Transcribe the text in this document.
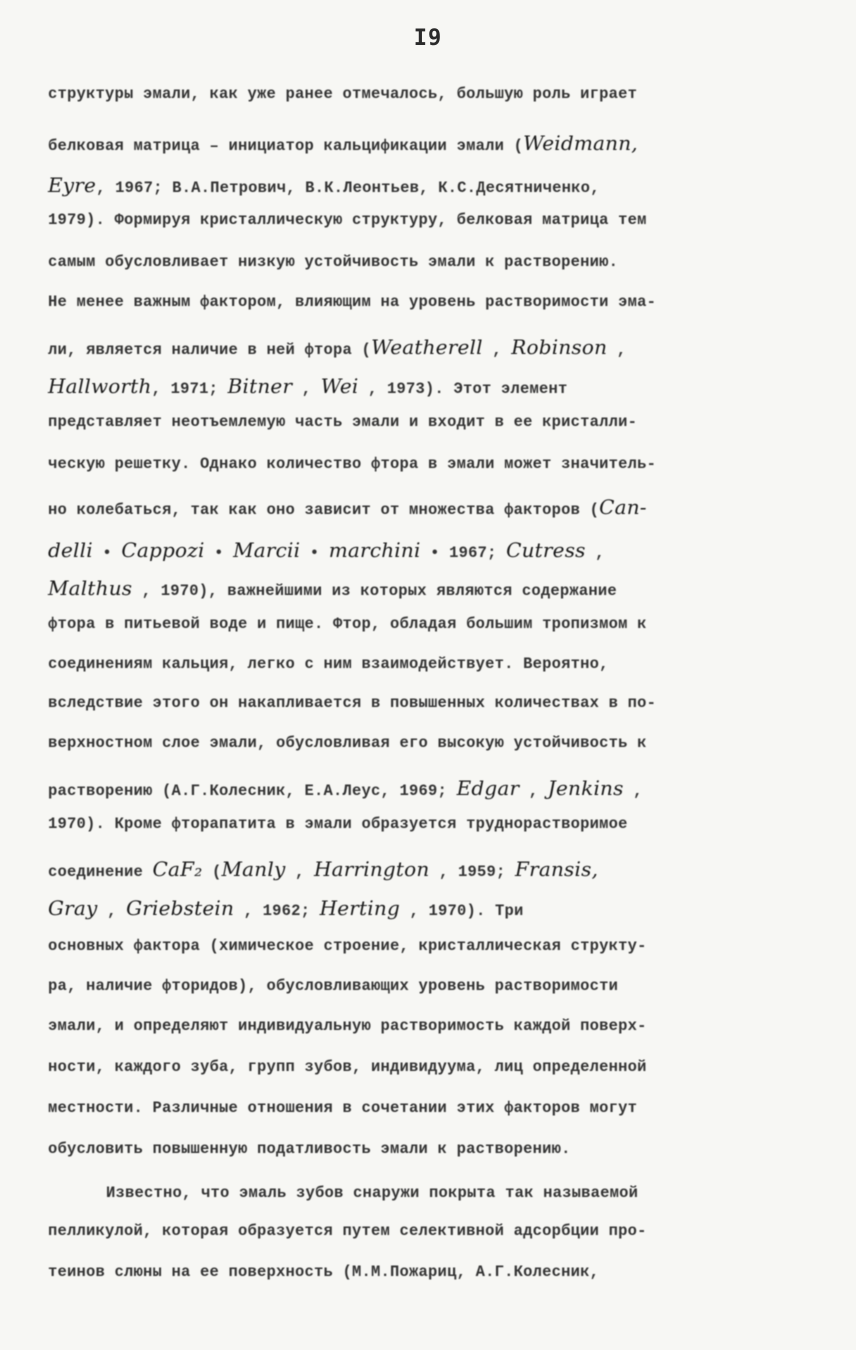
I9
структуры эмали, как уже ранее отмечалось, большую роль играет
белковая матрица – инициатор кальцификации эмали (Weidmann,
Eyre, 1967; В.А.Петрович, В.К.Леонтьев, К.С.Десятниченко,
1979). Формируя кристаллическую структуру, белковая матрица тем
самым обусловливает низкую устойчивость эмали к растворению.
Не менее важным фактором, влияющим на уровень растворимости эма-
ли, является наличие в ней фтора (Weatherell , Robinson ,
Hallworth, 1971; Bitner , Wei , 1973). Этот элемент
представляет неотъемлемую часть эмали и входит в ее кристалли-
ческую решетку. Однако количество фтора в эмали может значитель-
но колебаться, так как оно зависит от множества факторов (Can-
delli • Cappozi • Marcii • marchini • 1967; Cutress ,
Malthus , 1970), важнейшими из которых являются содержание
фтора в питьевой воде и пище. Фтор, обладая большим тропизмом к
соединениям кальция, легко с ним взаимодействует. Вероятно,
вследствие этого он накапливается в повышенных количествах в по-
верхностном слое эмали, обусловливая его высокую устойчивость к
растворению (А.Г.Колесник, Е.А.Леус, 1969; Edgar , Jenkins ,
1970). Кроме фторапатита в эмали образуется труднорастворимое
соединение CaF₂ (Manly , Harrington , 1959; Fransis,
Gray , Griebstein , 1962; Herting , 1970). Три
основных фактора (химическое строение, кристаллическая структу-
ра, наличие фторидов), обусловливающих уровень растворимости
эмали, и определяют индивидуальную растворимость каждой поверх-
ности, каждого зуба, групп зубов, индивидуума, лиц определенной
местности. Различные отношения в сочетании этих факторов могут
обусловить повышенную податливость эмали к растворению.
Известно, что эмаль зубов снаружи покрыта так называемой
пелликулой, которая образуется путем селективной адсорбции про-
теинов слюны на ее поверхность (М.М.Пожариц, А.Г.Колесник,
